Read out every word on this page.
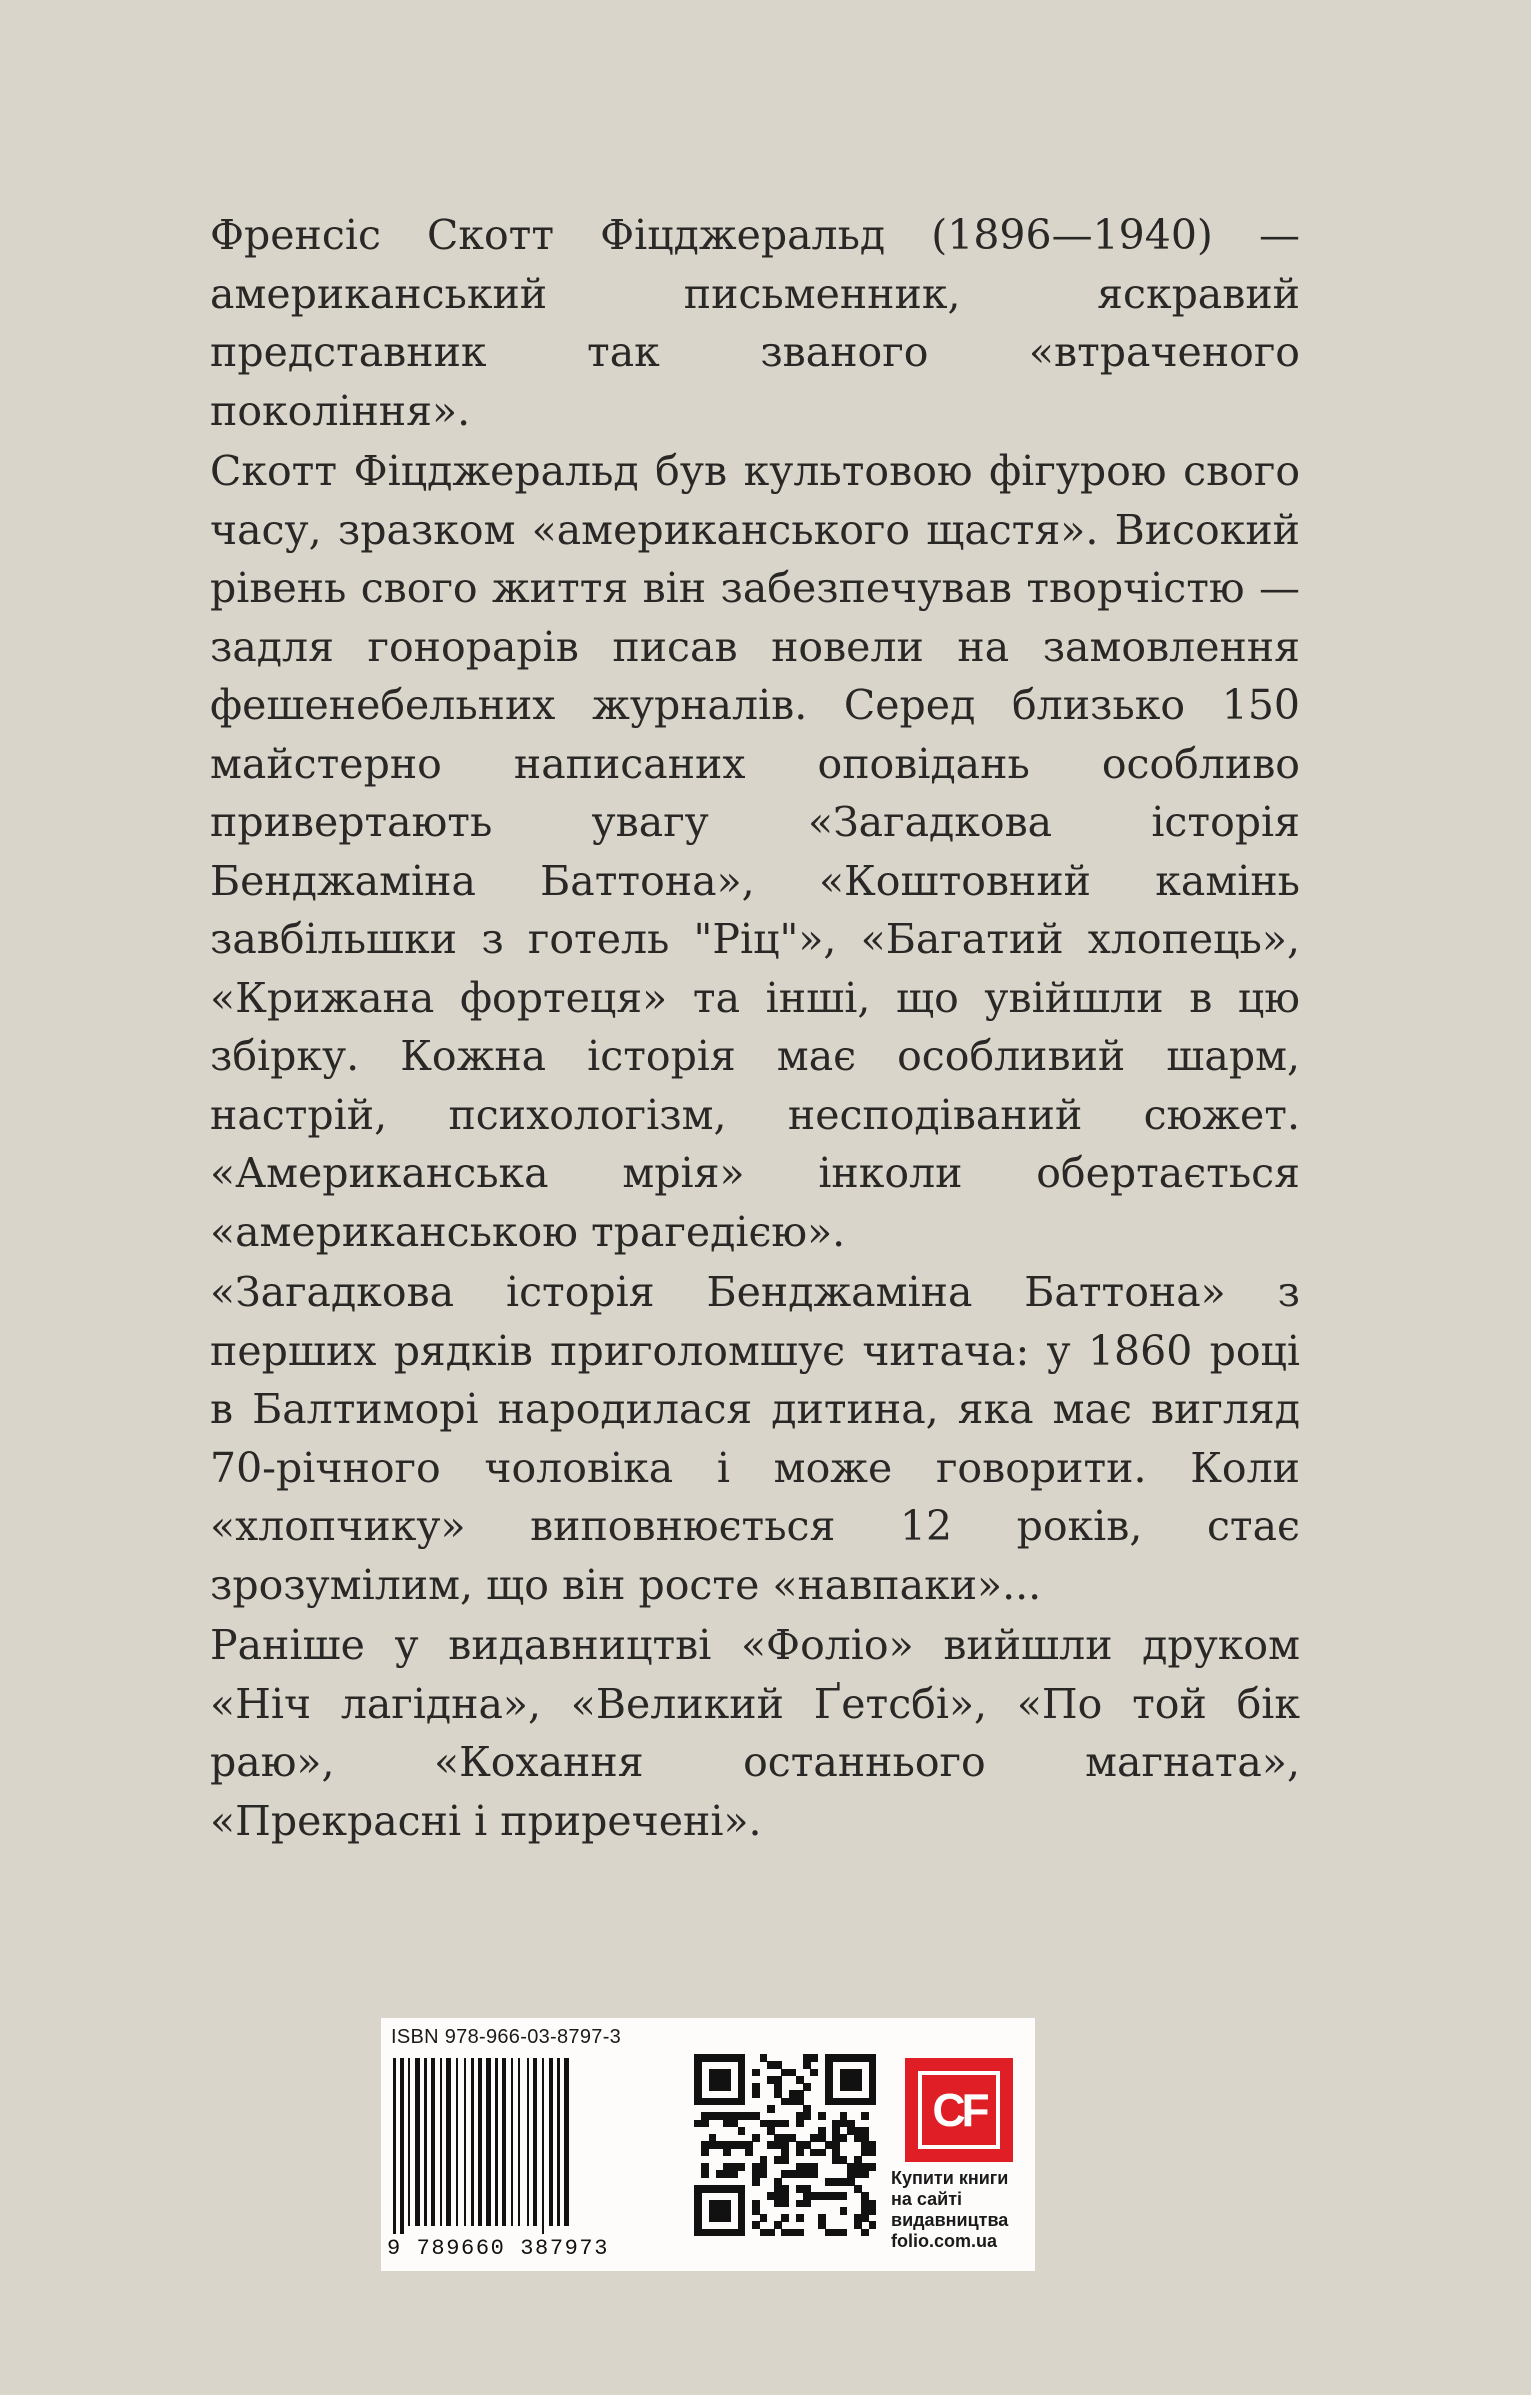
Френсіс Скотт Фіцджеральд (1896—1940) — американський письменник, яскравий представник так званого «втраченого покоління».

Скотт Фіцджеральд був культовою фігурою свого часу, зразком «американського щастя». Високий рівень свого життя він забезпечував творчістю — задля гонорарів писав новели на замовлення фешенебельних журналів. Серед близько 150 майстерно написаних оповідань особливо привертають увагу «Загадкова історія Бенджаміна Баттона», «Коштовний камінь завбільшки з готель "Ріц"», «Багатий хлопець», «Крижана фортеця» та інші, що увійшли в цю збірку. Кожна історія має особливий шарм, настрій, психологізм, несподіваний сюжет. «Американська мрія» інколи обертається «американською трагедією».

«Загадкова історія Бенджаміна Баттона» з перших рядків приголомшує читача: у 1860 році в Балтиморі народилася дитина, яка має вигляд 70-річного чоловіка і може говорити. Коли «хлопчику» виповнюється 12 років, стає зрозумілим, що він росте «навпаки»...

Раніше у видавництві «Фоліо» вийшли друком «Ніч лагідна», «Великий Ґетсбі», «По той бік раю», «Кохання останнього магната», «Прекрасні і приречені».

ISBN 978-966-03-8797-3
9 789660 387973
CF
Купити книги
на сайті
видавництва
folio.com.ua
